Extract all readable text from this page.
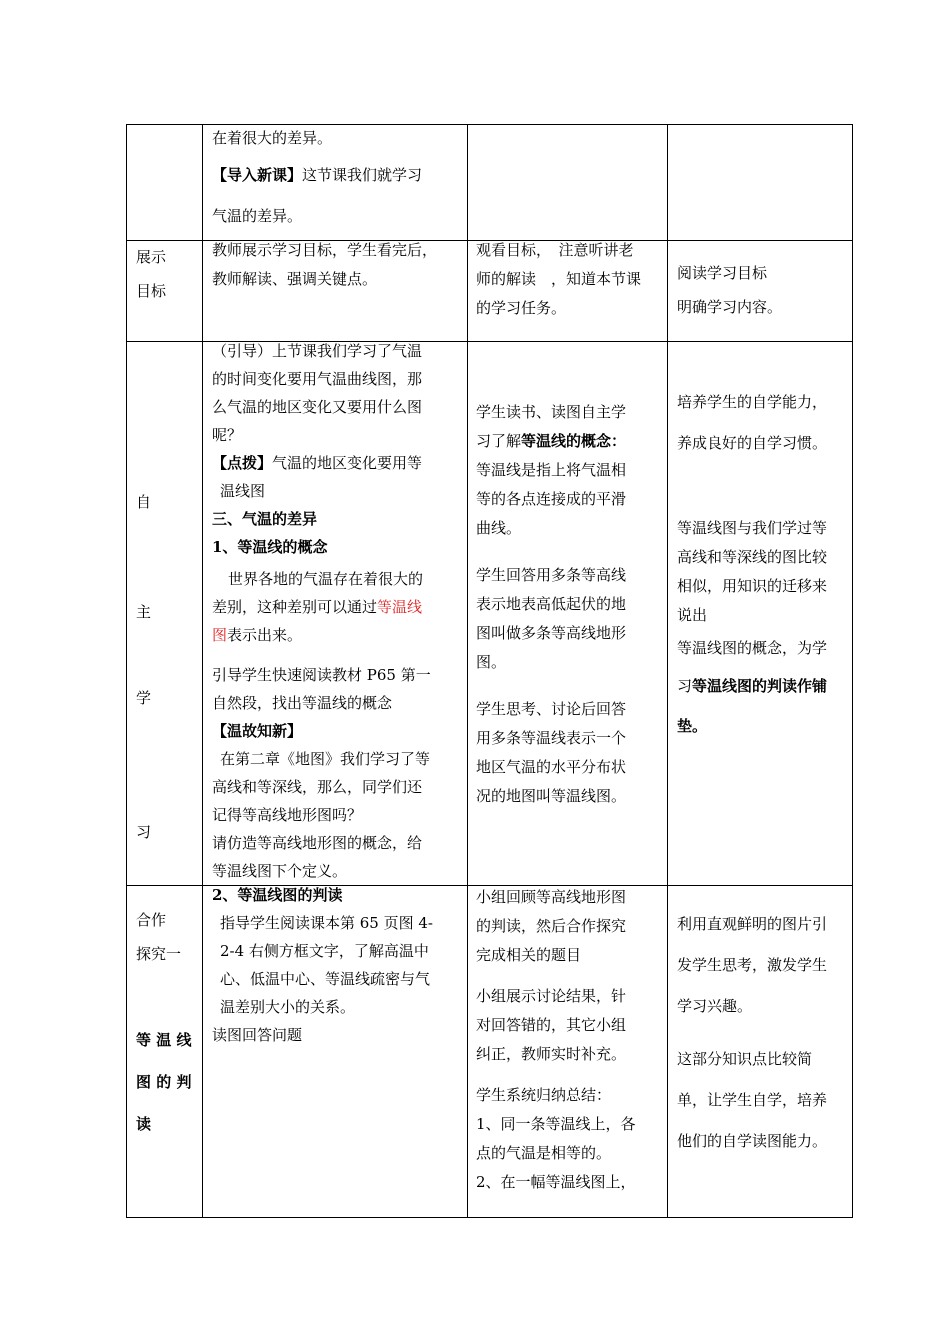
在着很大的差异。

【导入新课】这节课我们就学习

气温的差异。

展示

目标

教师展示学习目标，学生看完后，

教师解读、强调关键点。

观看目标，　注意听讲老

师的解读　，知道本节课

的学习任务。

阅读学习目标

明确学习内容。

自
主
学
习

（引导）上节课我们学习了气温

的时间变化要用气温曲线图，那

么气温的地区变化又要用什么图

呢？

【点拨】气温的地区变化要用等

温线图

三、气温的差异

1、等温线的概念

世界各地的气温存在着很大的

差别，这种差别可以通过等温线

图表示出来。

引导学生快速阅读教材 P65 第一

自然段，找出等温线的概念

【温故知新】

在第二章《地图》我们学习了等

高线和等深线，那么，同学们还

记得等高线地形图吗？

请仿造等高线地形图的概念，给

等温线图下个定义。

学生读书、读图自主学

习了解等温线的概念：

等温线是指上将气温相

等的各点连接成的平滑

曲线。

学生回答用多条等高线

表示地表高低起伏的地

图叫做多条等高线地形

图。

学生思考、讨论后回答

用多条等温线表示一个

地区气温的水平分布状

况的地图叫等温线图。

培养学生的自学能力，

养成良好的自学习惯。

等温线图与我们学过等

高线和等深线的图比较

相似，用知识的迁移来

说出

等温线图的概念，为学

习等温线图的判读作铺

垫。

合作

探究一

等 温 线

图 的 判

读

2、等温线图的判读

指导学生阅读课本第 65 页图 4-

2-4 右侧方框文字，了解高温中

心、低温中心、等温线疏密与气

温差别大小的关系。

读图回答问题

小组回顾等高线地形图

的判读，然后合作探究

完成相关的题目

小组展示讨论结果，针

对回答错的，其它小组

纠正，教师实时补充。

学生系统归纳总结：

1、同一条等温线上，各

点的气温是相等的。

2、在一幅等温线图上，

利用直观鲜明的图片引

发学生思考，激发学生

学习兴趣。

这部分知识点比较简

单，让学生自学，培养

他们的自学读图能力。
